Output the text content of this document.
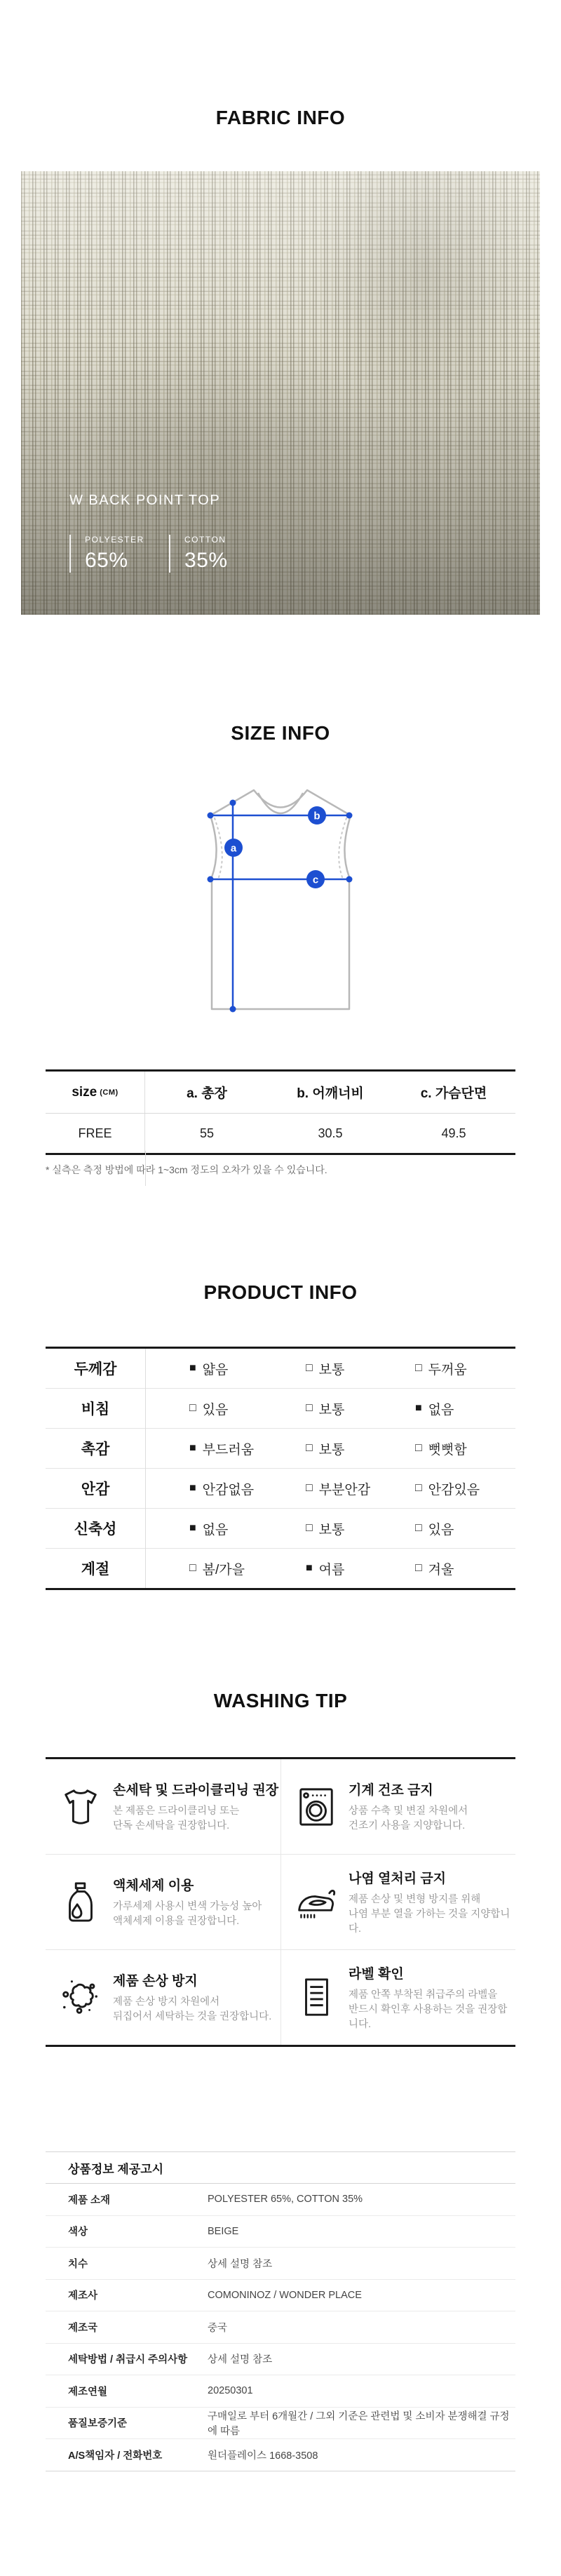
FABRIC INFO
W BACK POINT TOP
POLYESTER
65%
COTTON
35%
SIZE INFO
a
b
c
size (CM)	a. 총장	b. 어깨너비	c. 가슴단면
FREE	55	30.5	49.5
* 실측은 측정 방법에 따라 1~3cm 정도의 오차가 있을 수 있습니다.
PRODUCT INFO
두께감	■ 얇음	□ 보통	□ 두꺼움
비침	□ 있음	□ 보통	■ 없음
촉감	■ 부드러움	□ 보통	□ 뻣뻣함
안감	■ 안감없음	□ 부분안감	□ 안감있음
신축성	■ 없음	□ 보통	□ 있음
계절	□ 봄/가을	■ 여름	□ 겨울
WASHING TIP
손세탁 및 드라이클리닝 권장
본 제품은 드라이클리닝 또는
단독 손세탁을 권장합니다.
기계 건조 금지
상품 수축 및 변질 차원에서
건조기 사용을 지양합니다.
액체세제 이용
가루세제 사용시 변색 가능성 높아
액체세제 이용을 권장합니다.
나염 열처리 금지
제품 손상 및 변형 방지를 위해
나염 부분 열을 가하는 것을 지양합니다.
제품 손상 방지
제품 손상 방지 차원에서
뒤집어서 세탁하는 것을 권장합니다.
라벨 확인
제품 안쪽 부착된 취급주의 라벨을
반드시 확인후 사용하는 것을 권장합니다.
상품정보 제공고시
제품 소재	POLYESTER 65%, COTTON 35%
색상	BEIGE
치수	상세 설명 참조
제조사	COMONINOZ / WONDER PLACE
제조국	중국
세탁방법 / 취급시 주의사항	상세 설명 참조
제조연월	20250301
품질보증기준
구매일로 부터 6개월간 / 그외 기준은 관련법 및 소비자 분쟁해결 규정에 따름
A/S책임자 / 전화번호	원더플레이스 1668-3508
